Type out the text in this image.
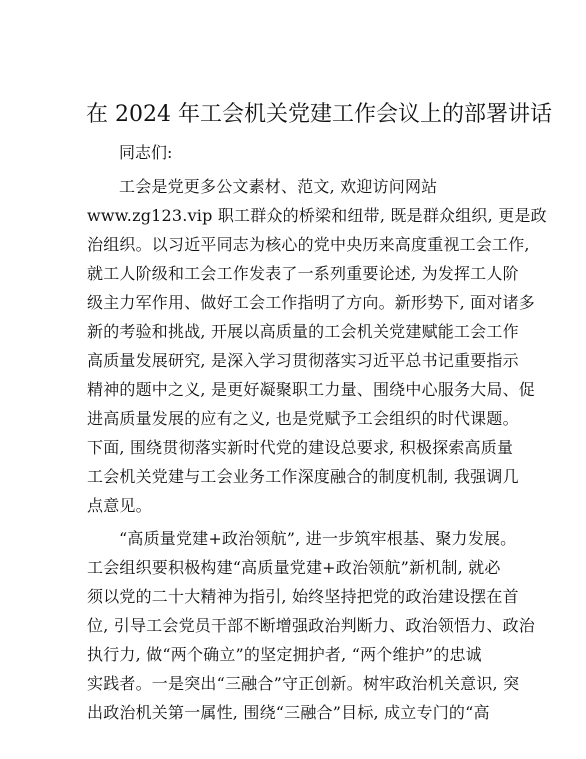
在 2024 年工会机关党建工作会议上的部署讲话
同志们:
工会是党更多公文素材、范文, 欢迎访问网站
www.zg123.vip 职工群众的桥梁和纽带, 既是群众组织, 更是政
治组织。以习近平同志为核心的党中央历来高度重视工会工作,
就工人阶级和工会工作发表了一系列重要论述, 为发挥工人阶
级主力军作用、做好工会工作指明了方向。新形势下, 面对诸多
新的考验和挑战, 开展以高质量的工会机关党建赋能工会工作
高质量发展研究, 是深入学习贯彻落实习近平总书记重要指示
精神的题中之义, 是更好凝聚职工力量、围绕中心服务大局、促
进高质量发展的应有之义, 也是党赋予工会组织的时代课题。
下面, 围绕贯彻落实新时代党的建设总要求, 积极探索高质量
工会机关党建与工会业务工作深度融合的制度机制, 我强调几
点意见。
“高质量党建+政治领航”, 进一步筑牢根基、聚力发展。
工会组织要积极构建“高质量党建+政治领航”新机制, 就必
须以党的二十大精神为指引, 始终坚持把党的政治建设摆在首
位, 引导工会党员干部不断增强政治判断力、政治领悟力、政治
执行力, 做“两个确立”的坚定拥护者, “两个维护”的忠诚
实践者。一是突出“三融合”守正创新。树牢政治机关意识, 突
出政治机关第一属性, 围绕“三融合”目标, 成立专门的“高
